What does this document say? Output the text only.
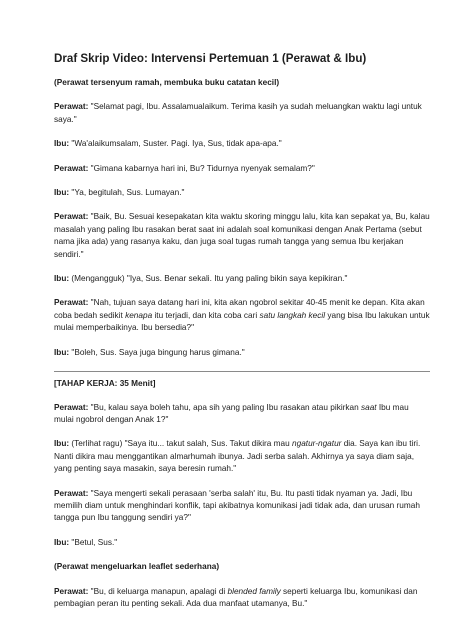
Draf Skrip Video: Intervensi Pertemuan 1 (Perawat & Ibu)
(Perawat tersenyum ramah, membuka buku catatan kecil)
Perawat: "Selamat pagi, Ibu. Assalamualaikum. Terima kasih ya sudah meluangkan waktu lagi untuk saya."
Ibu: "Wa'alaikumsalam, Suster. Pagi. Iya, Sus, tidak apa-apa."
Perawat: "Gimana kabarnya hari ini, Bu? Tidurnya nyenyak semalam?"
Ibu: "Ya, begitulah, Sus. Lumayan."
Perawat: "Baik, Bu. Sesuai kesepakatan kita waktu skoring minggu lalu, kita kan sepakat ya, Bu, kalau masalah yang paling Ibu rasakan berat saat ini adalah soal komunikasi dengan Anak Pertama (sebut nama jika ada) yang rasanya kaku, dan juga soal tugas rumah tangga yang semua Ibu kerjakan sendiri."
Ibu: (Mengangguk) "Iya, Sus. Benar sekali. Itu yang paling bikin saya kepikiran."
Perawat: "Nah, tujuan saya datang hari ini, kita akan ngobrol sekitar 40-45 menit ke depan. Kita akan coba bedah sedikit kenapa itu terjadi, dan kita coba cari satu langkah kecil yang bisa Ibu lakukan untuk mulai memperbaikinya. Ibu bersedia?"
Ibu: "Boleh, Sus. Saya juga bingung harus gimana."
[TAHAP KERJA: 35 Menit]
Perawat: "Bu, kalau saya boleh tahu, apa sih yang paling Ibu rasakan atau pikirkan saat Ibu mau mulai ngobrol dengan Anak 1?"
Ibu: (Terlihat ragu) "Saya itu... takut salah, Sus. Takut dikira mau ngatur-ngatur dia. Saya kan ibu tiri. Nanti dikira mau menggantikan almarhumah ibunya. Jadi serba salah. Akhirnya ya saya diam saja, yang penting saya masakin, saya beresin rumah."
Perawat: "Saya mengerti sekali perasaan 'serba salah' itu, Bu. Itu pasti tidak nyaman ya. Jadi, Ibu memilih diam untuk menghindari konflik, tapi akibatnya komunikasi jadi tidak ada, dan urusan rumah tangga pun Ibu tanggung sendiri ya?"
Ibu: "Betul, Sus."
(Perawat mengeluarkan leaflet sederhana)
Perawat: "Bu, di keluarga manapun, apalagi di blended family seperti keluarga Ibu, komunikasi dan pembagian peran itu penting sekali. Ada dua manfaat utamanya, Bu."
